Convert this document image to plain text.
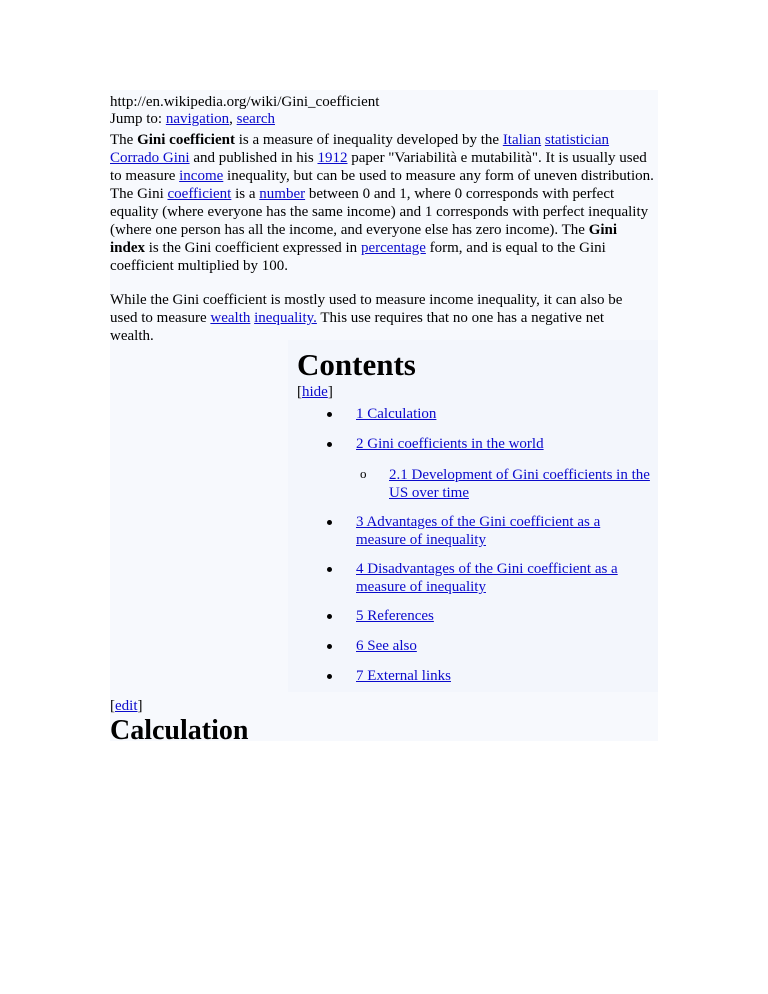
http://en.wikipedia.org/wiki/Gini_coefficient
Jump to: navigation, search

The Gini coefficient is a measure of inequality developed by the Italian statistician Corrado Gini and published in his 1912 paper "Variabilità e mutabilità". It is usually used to measure income inequality, but can be used to measure any form of uneven distribution. The Gini coefficient is a number between 0 and 1, where 0 corresponds with perfect equality (where everyone has the same income) and 1 corresponds with perfect inequality (where one person has all the income, and everyone else has zero income). The Gini index is the Gini coefficient expressed in percentage form, and is equal to the Gini coefficient multiplied by 100.

While the Gini coefficient is mostly used to measure income inequality, it can also be used to measure wealth inequality. This use requires that no one has a negative net wealth.

Contents
[hide]
1 Calculation
2 Gini coefficients in the world
o 2.1 Development of Gini coefficients in the US over time
3 Advantages of the Gini coefficient as a measure of inequality
4 Disadvantages of the Gini coefficient as a measure of inequality
5 References
6 See also
7 External links
[edit]
Calculation
